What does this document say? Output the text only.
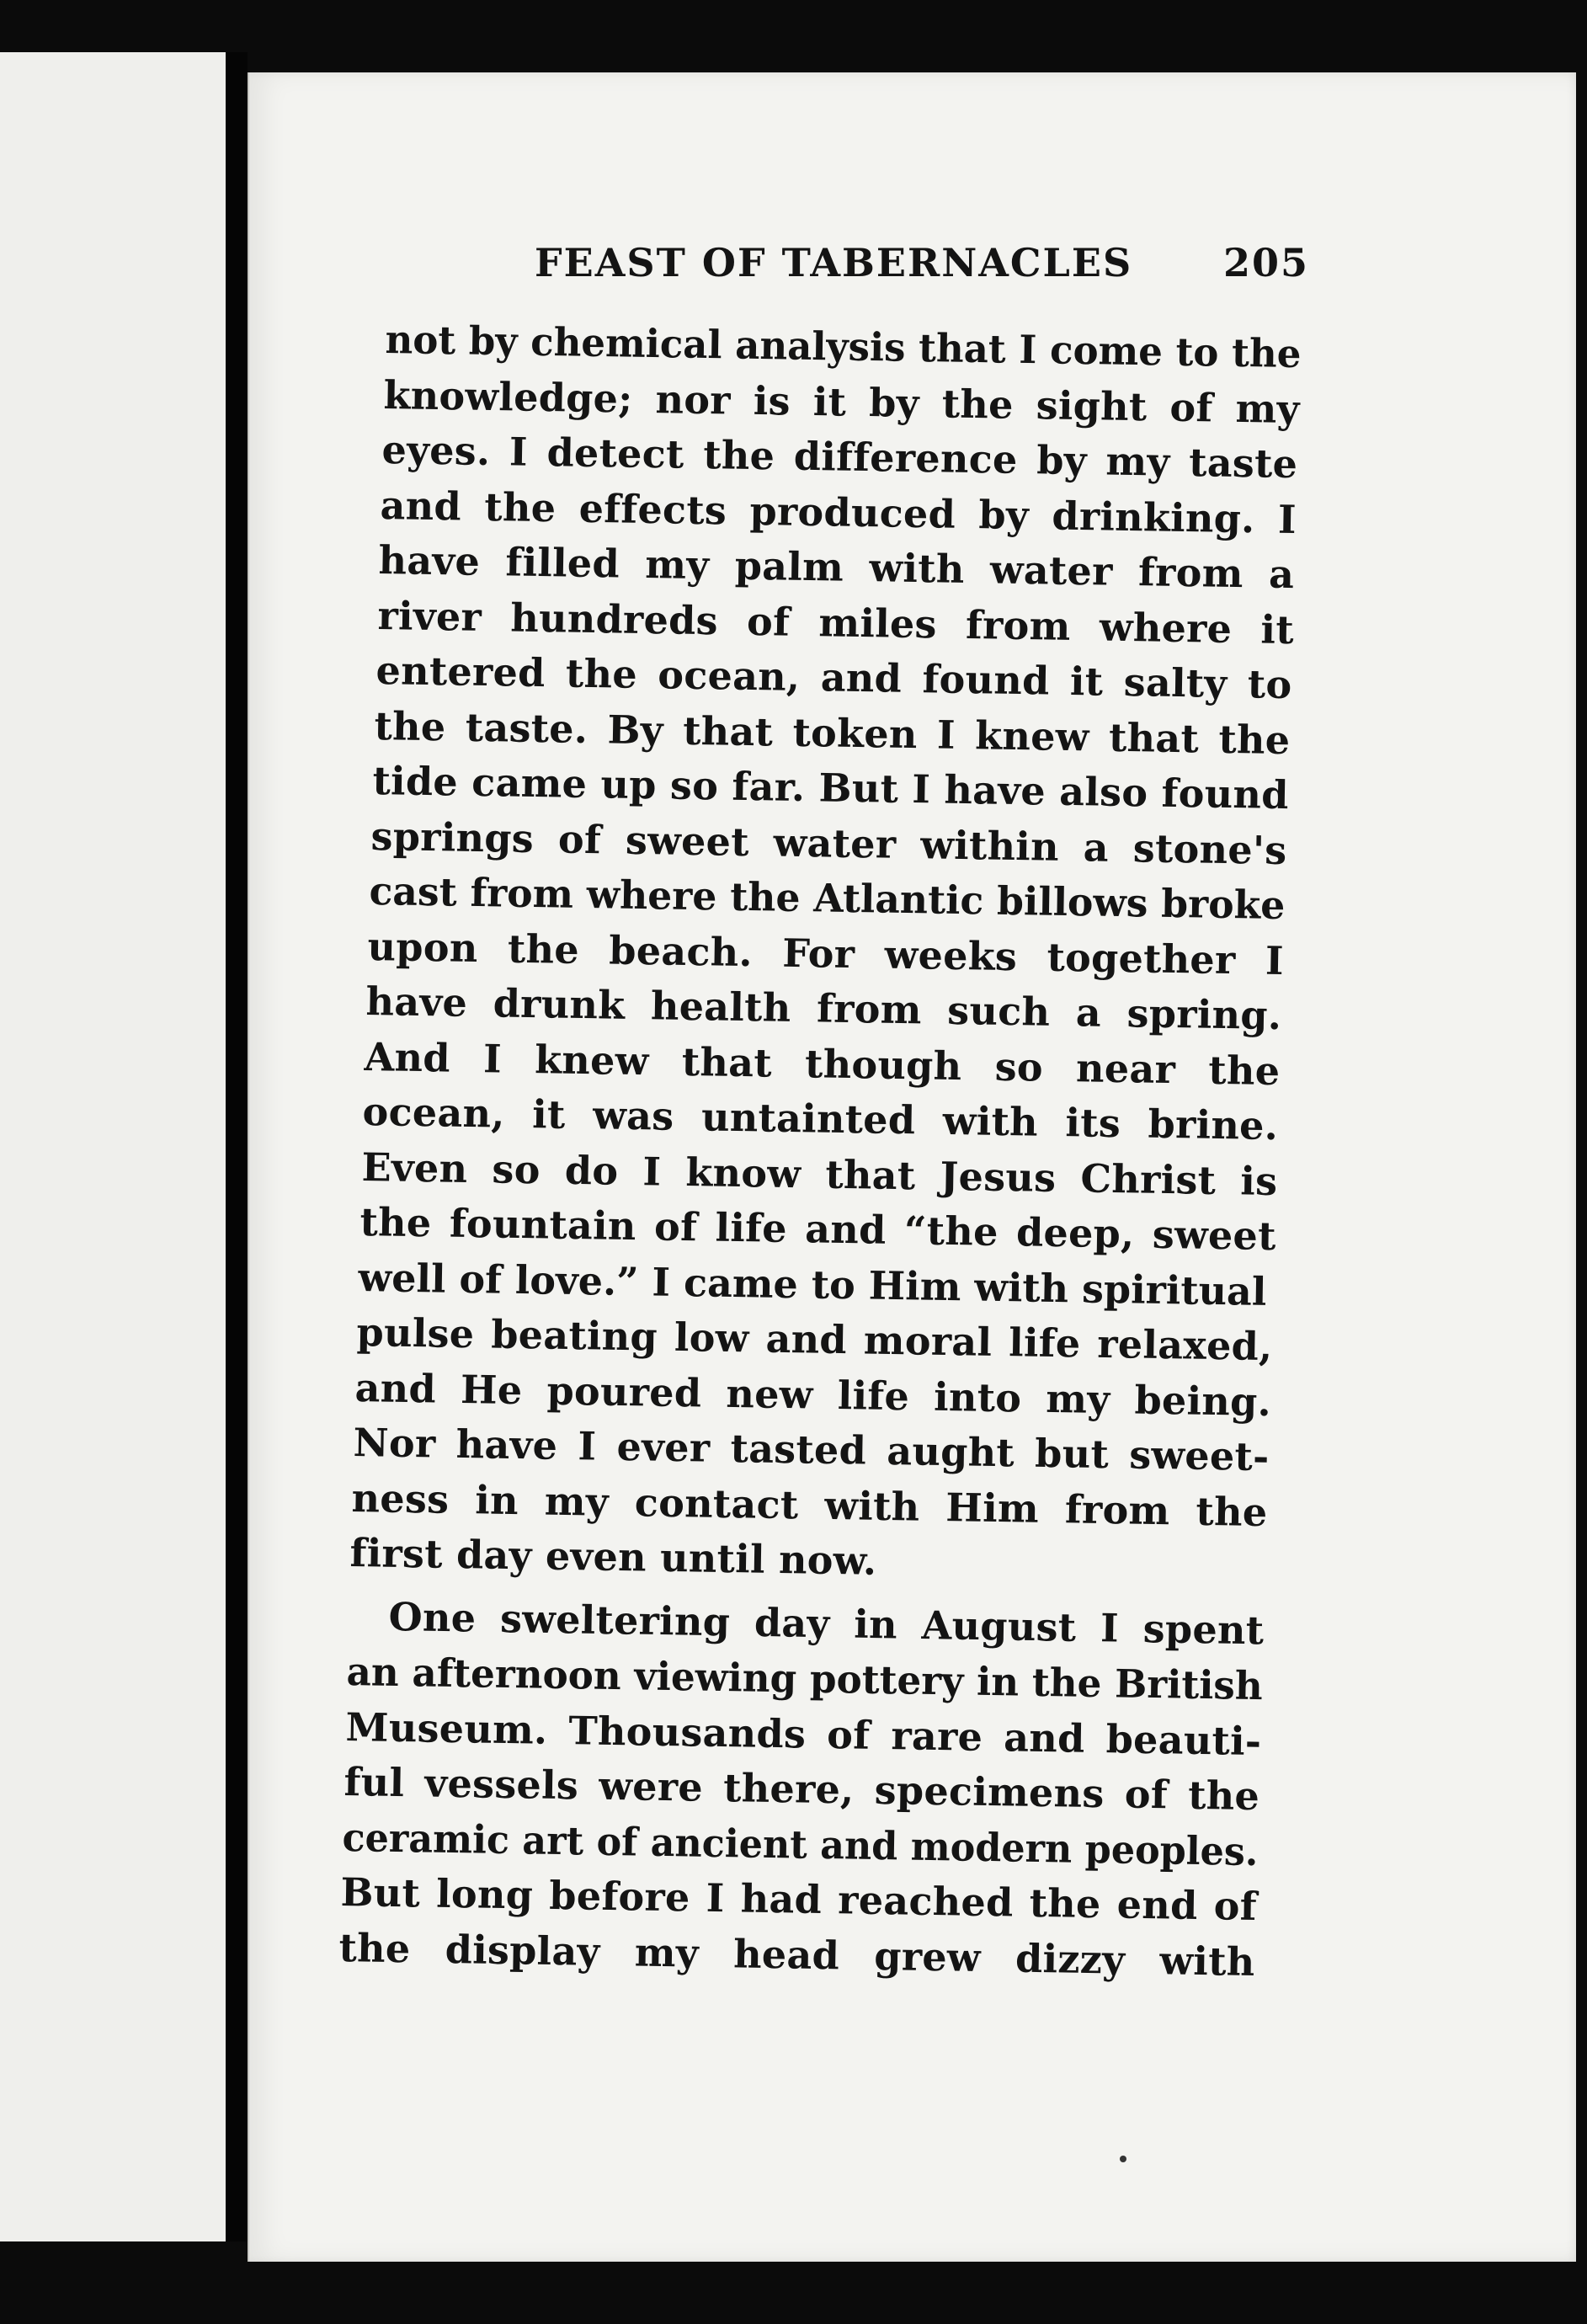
FEAST OF TABERNACLES 205
not by chemical analysis that I come to the
knowledge; nor is it by the sight of my
eyes. I detect the difference by my taste
and the effects produced by drinking. I
have filled my palm with water from a
river hundreds of miles from where it
entered the ocean, and found it salty to
the taste. By that token I knew that the
tide came up so far. But I have also found
springs of sweet water within a stone's
cast from where the Atlantic billows broke
upon the beach. For weeks together I
have drunk health from such a spring.
And I knew that though so near the
ocean, it was untainted with its brine.
Even so do I know that Jesus Christ is
the fountain of life and “the deep, sweet
well of love.” I came to Him with spiritual
pulse beating low and moral life relaxed,
and He poured new life into my being.
Nor have I ever tasted aught but sweet-
ness in my contact with Him from the
first day even until now.
One sweltering day in August I spent
an afternoon viewing pottery in the British
Museum. Thousands of rare and beauti-
ful vessels were there, specimens of the
ceramic art of ancient and modern peoples.
But long before I had reached the end of
the display my head grew dizzy with
